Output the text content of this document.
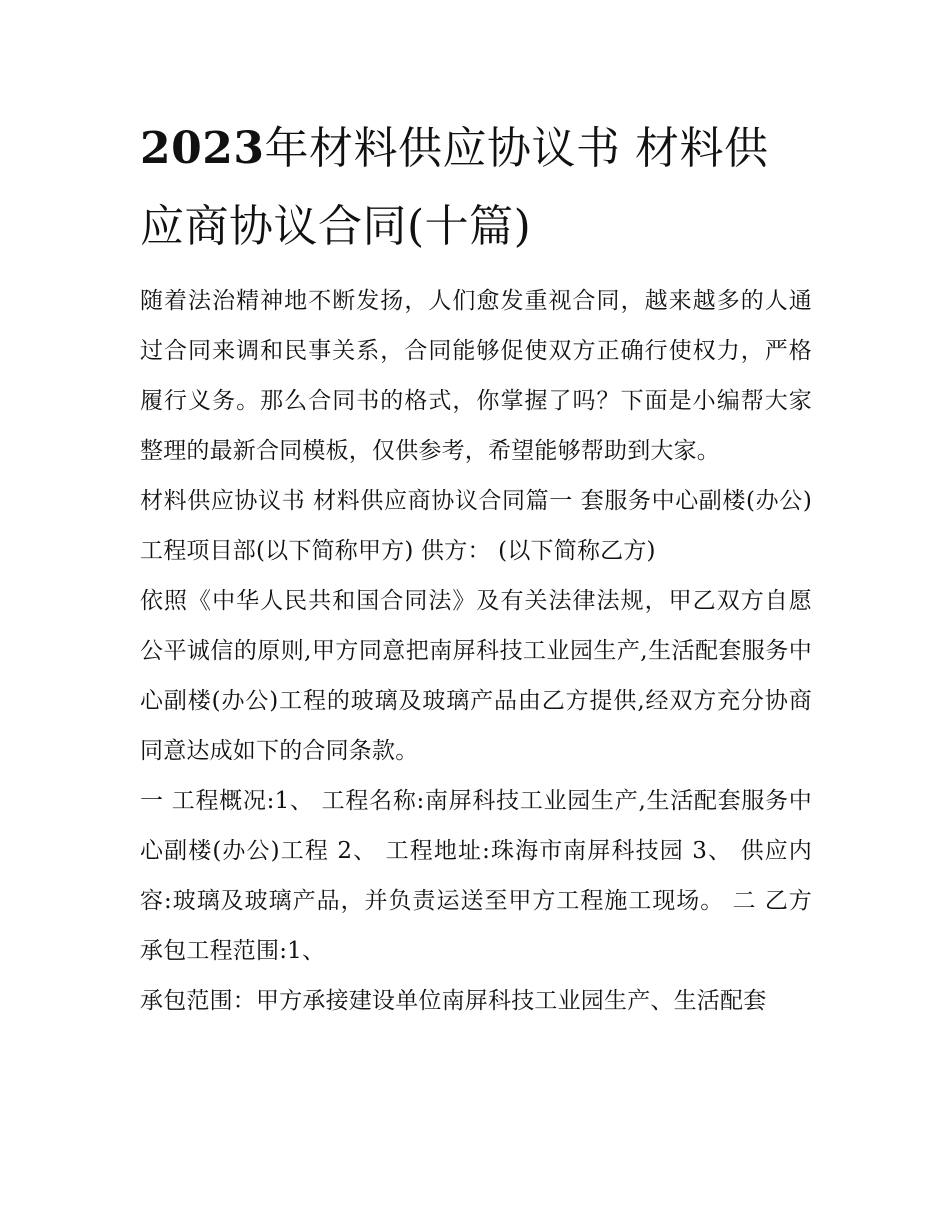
2023年材料供应协议书 材料供应商协议合同(十篇)

随着法治精神地不断发扬，人们愈发重视合同，越来越多的人通过合同来调和民事关系，合同能够促使双方正确行使权力，严格履行义务。那么合同书的格式，你掌握了吗？下面是小编帮大家整理的最新合同模板，仅供参考，希望能够帮助到大家。

材料供应协议书 材料供应商协议合同篇一 套服务中心副楼(办公)工程项目部(以下简称甲方) 供方： (以下简称乙方)

依照《中华人民共和国合同法》及有关法律法规，甲乙双方自愿公平诚信的原则,甲方同意把南屏科技工业园生产,生活配套服务中心副楼(办公)工程的玻璃及玻璃产品由乙方提供,经双方充分协商同意达成如下的合同条款。

一 工程概况:1、 工程名称:南屏科技工业园生产,生活配套服务中心副楼(办公)工程 2、 工程地址:珠海市南屏科技园 3、 供应内容:玻璃及玻璃产品，并负责运送至甲方工程施工现场。 二 乙方承包工程范围:1、

承包范围：甲方承接建设单位南屏科技工业园生产、生活配套
